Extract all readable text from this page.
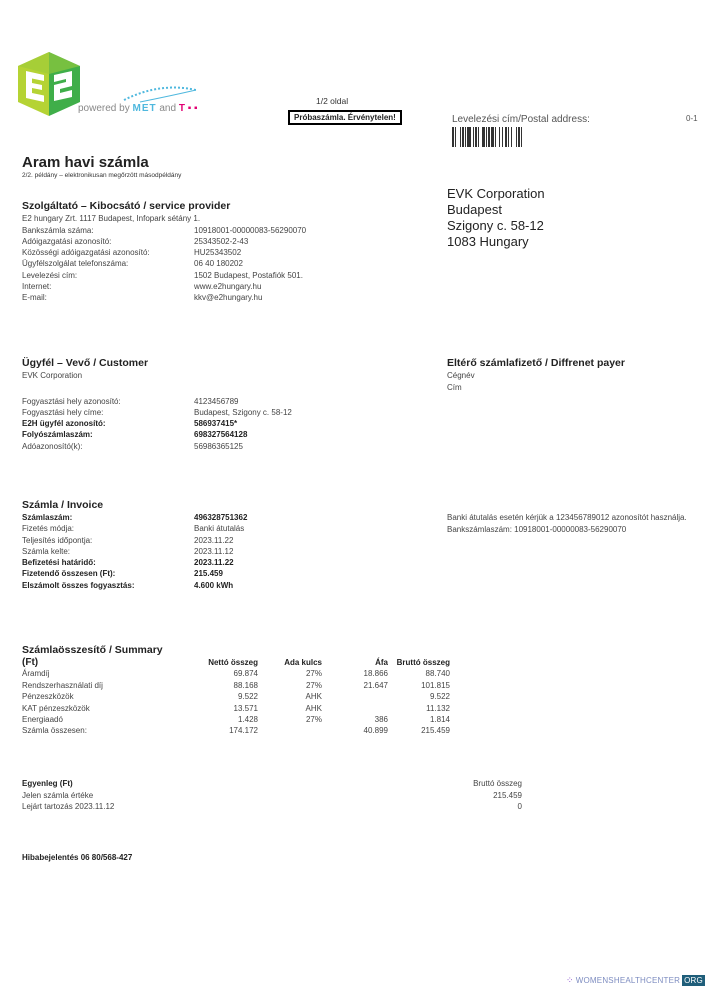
powered by MET and T ▪ ▪
1/2 oldal
Próbaszámla. Érvénytelen!	Levelezési cím/Postal address:	0-1
Aram havi számla
2/2. példány – elektronikusan megőrzött másodpéldány
EVK Corporation
Budapest
Szigony c. 58-12
1083 Hungary
Szolgáltató – Kibocsátó / service provider
E2 hungary Zrt. 1117 Budapest, Infopark sétány 1.
Bankszámla száma:	10918001-00000083-56290070
Adóigazgatási azonosító:	25343502-2-43
Közösségi adóigazgatási azonosító:	HU25343502
Ügyfélszolgálat telefonszáma:	06 40 180202
Levelezési cím:	1502 Budapest, Postafiók 501.
Internet:	www.e2hungary.hu
E-mail:	kkv@e2hungary.hu
Ügyfél – Vevő / Customer
EVK Corporation
Fogyasztási hely azonosító:	4123456789
Fogyasztási hely címe:	Budapest, Szigony c. 58-12
E2H ügyfél azonosító:	586937415*
Folyószámlaszám:	698327564128
Adóazonosító(k):	56986365125
Eltérő számlafizető / Diffrenet payer
Cégnév
Cím
Számla / Invoice
Számlaszám:	496328751362
Fizetés módja:	Banki átutalás
Teljesítés időpontja:	2023.11.22
Számla kelte:	2023.11.12
Befizetési határidő:	2023.11.22
Fizetendő összesen (Ft):	215.459
Elszámolt összes fogyasztás:	4.600 kWh
Banki átutalás esetén kérjük a 123456789012 azonosítót használja.
Bankszámlaszám: 10918001-00000083-56290070
Számlaösszesítő / Summary
(Ft)	Nettó összeg	Ada kulcs	Áfa	Bruttó összeg
Áramdíj	69.874	27%	18.866	88.740
Rendszerhasználati díj	88.168	27%	21.647	101.815
Pénzeszközök	9.522	AHK		9.522
KAT pénzeszközök	13.571	AHK		11.132
Energiaadó	1.428	27%	386	1.814
Számla összesen:	174.172		40.899	215.459
Egyenleg (Ft)	Bruttó összeg
Jelen számla értéke	215.459
Lejárt tartozás 2023.11.12	0
Hibabejelentés 06 80/568-427
⁘ WOMENSHEALTHCENTER ORG
